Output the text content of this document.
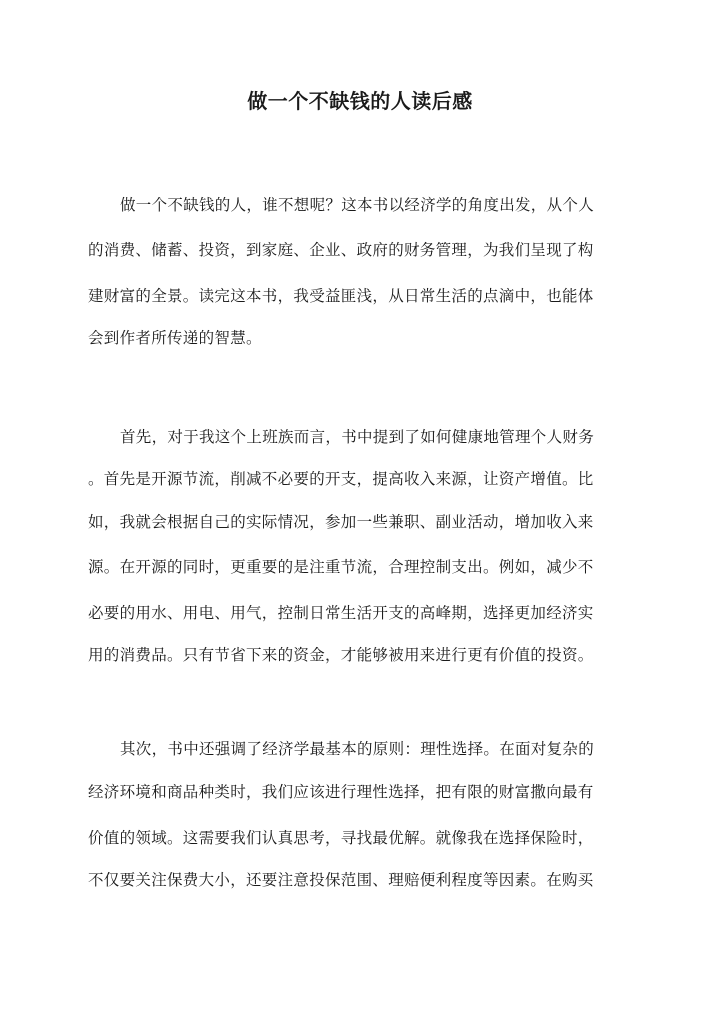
做一个不缺钱的人读后感
做一个不缺钱的人，谁不想呢？这本书以经济学的角度出发，从个人
的消费、储蓄、投资，到家庭、企业、政府的财务管理，为我们呈现了构
建财富的全景。读完这本书，我受益匪浅，从日常生活的点滴中，也能体
会到作者所传递的智慧。
首先，对于我这个上班族而言，书中提到了如何健康地管理个人财务
。首先是开源节流，削减不必要的开支，提高收入来源，让资产增值。比
如，我就会根据自己的实际情况，参加一些兼职、副业活动，增加收入来
源。在开源的同时，更重要的是注重节流，合理控制支出。例如，减少不
必要的用水、用电、用气，控制日常生活开支的高峰期，选择更加经济实
用的消费品。只有节省下来的资金，才能够被用来进行更有价值的投资。
其次，书中还强调了经济学最基本的原则：理性选择。在面对复杂的
经济环境和商品种类时，我们应该进行理性选择，把有限的财富撒向最有
价值的领域。这需要我们认真思考，寻找最优解。就像我在选择保险时，
不仅要关注保费大小，还要注意投保范围、理赔便利程度等因素。在购买
